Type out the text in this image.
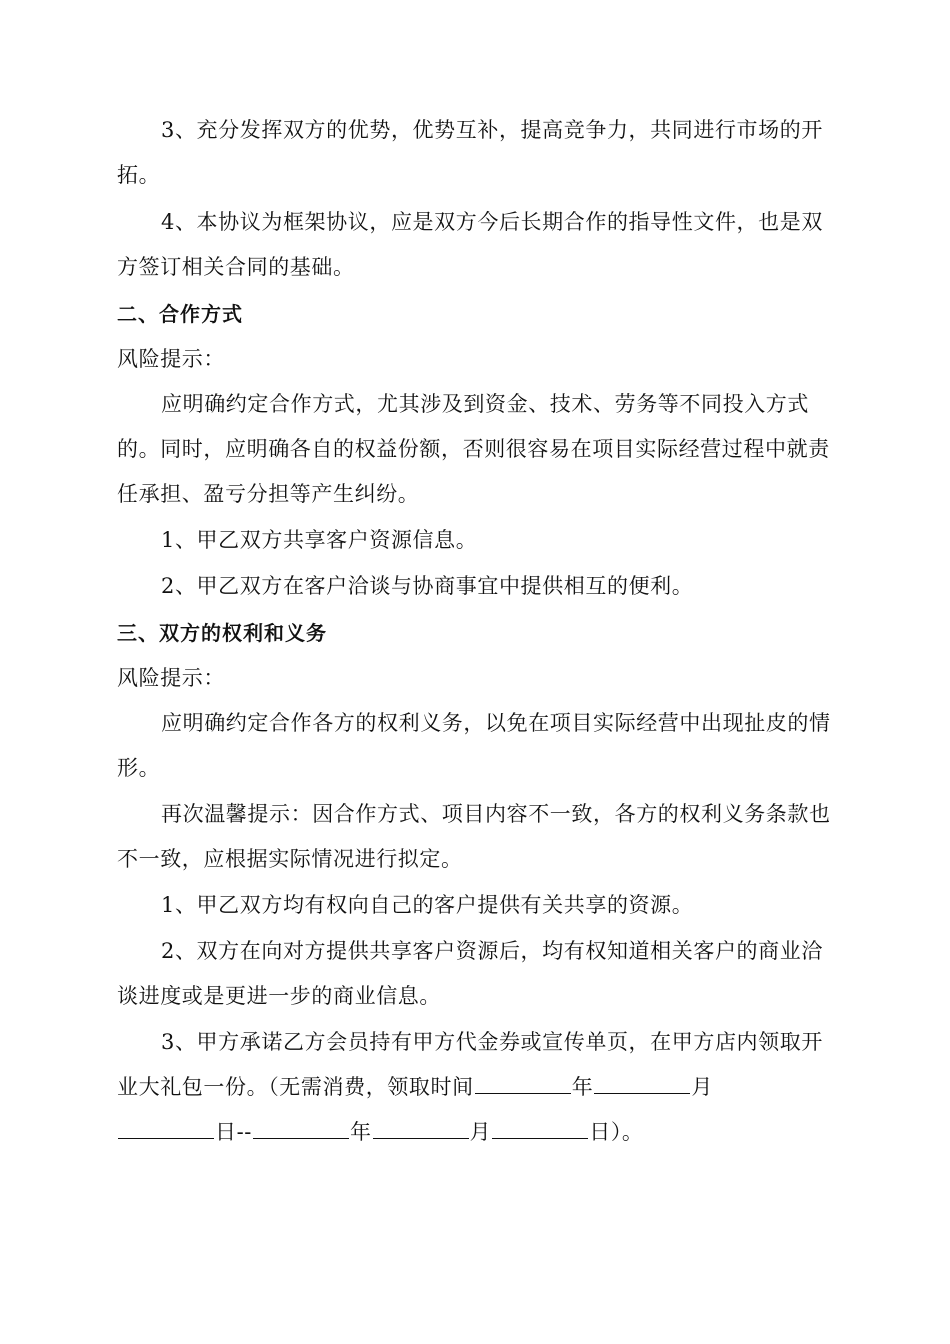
3、充分发挥双方的优势，优势互补，提高竞争力，共同进行市场的开拓。

4、本协议为框架协议，应是双方今后长期合作的指导性文件，也是双方签订相关合同的基础。

二、合作方式

风险提示：

应明确约定合作方式，尤其涉及到资金、技术、劳务等不同投入方式的。同时，应明确各自的权益份额，否则很容易在项目实际经营过程中就责任承担、盈亏分担等产生纠纷。

1、甲乙双方共享客户资源信息。

2、甲乙双方在客户洽谈与协商事宜中提供相互的便利。

三、双方的权利和义务

风险提示：

应明确约定合作各方的权利义务，以免在项目实际经营中出现扯皮的情形。

再次温馨提示：因合作方式、项目内容不一致，各方的权利义务条款也不一致，应根据实际情况进行拟定。

1、甲乙双方均有权向自己的客户提供有关共享的资源。

2、双方在向对方提供共享客户资源后，均有权知道相关客户的商业洽谈进度或是更进一步的商业信息。

3、甲方承诺乙方会员持有甲方代金券或宣传单页，在甲方店内领取开业大礼包一份。（无需消费，领取时间	年	月 日--	年	月	日）。
